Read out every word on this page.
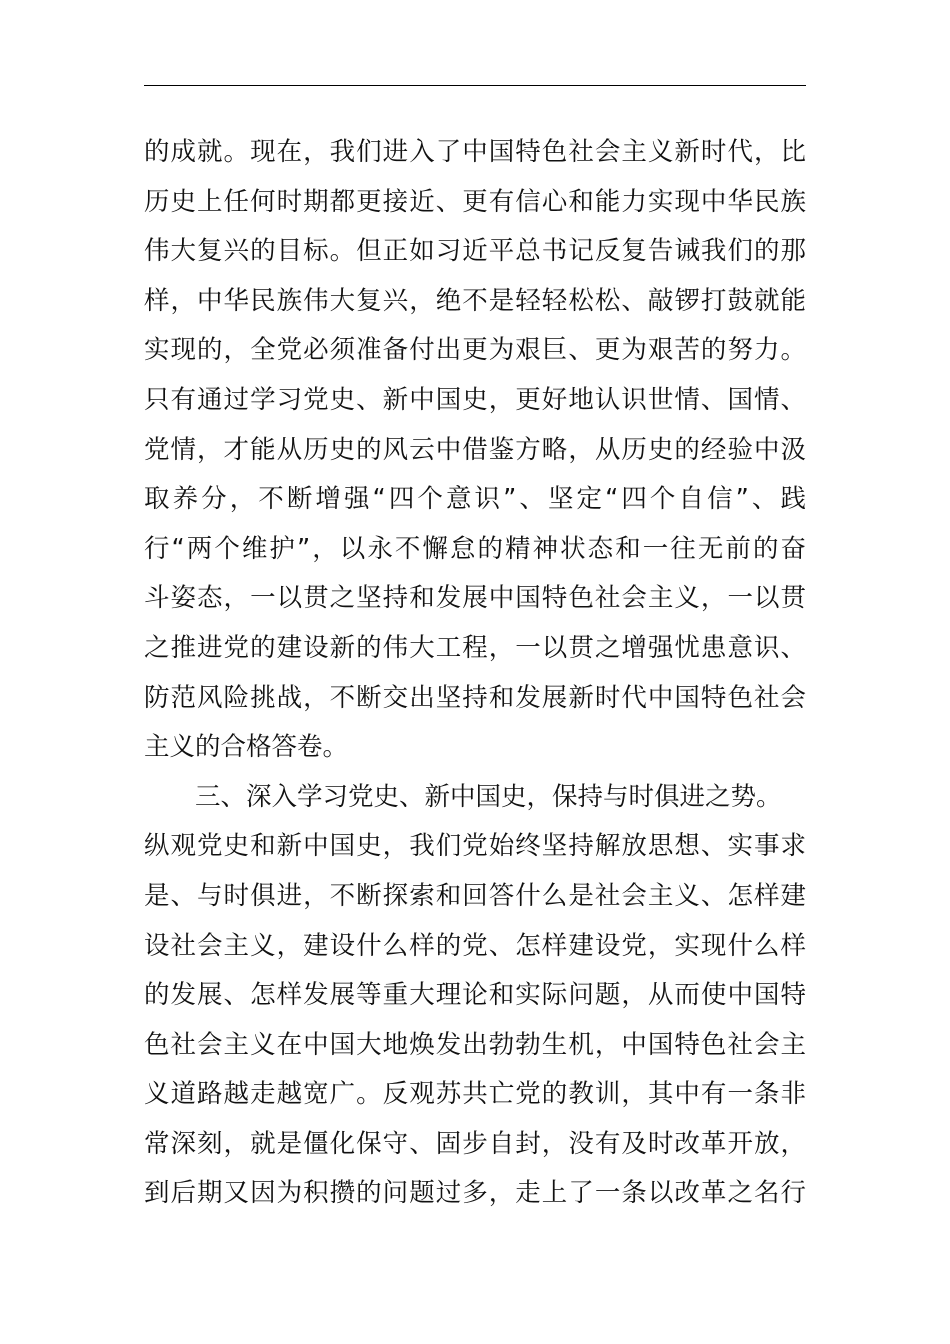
的成就。现在，我们进入了中国特色社会主义新时代，比
历史上任何时期都更接近、更有信心和能力实现中华民族
伟大复兴的目标。但正如习近平总书记反复告诫我们的那
样，中华民族伟大复兴，绝不是轻轻松松、敲锣打鼓就能
实现的，全党必须准备付出更为艰巨、更为艰苦的努力。
只有通过学习党史、新中国史，更好地认识世情、国情、
党情，才能从历史的风云中借鉴方略，从历史的经验中汲
取养分，不断增强“四个意识”、坚定“四个自信”、践
行“两个维护”，以永不懈怠的精神状态和一往无前的奋
斗姿态，一以贯之坚持和发展中国特色社会主义，一以贯
之推进党的建设新的伟大工程，一以贯之增强忧患意识、
防范风险挑战，不断交出坚持和发展新时代中国特色社会
主义的合格答卷。
三、深入学习党史、新中国史，保持与时俱进之势。
纵观党史和新中国史，我们党始终坚持解放思想、实事求
是、与时俱进，不断探索和回答什么是社会主义、怎样建
设社会主义，建设什么样的党、怎样建设党，实现什么样
的发展、怎样发展等重大理论和实际问题，从而使中国特
色社会主义在中国大地焕发出勃勃生机，中国特色社会主
义道路越走越宽广。反观苏共亡党的教训，其中有一条非
常深刻，就是僵化保守、固步自封，没有及时改革开放，
到后期又因为积攒的问题过多，走上了一条以改革之名行
